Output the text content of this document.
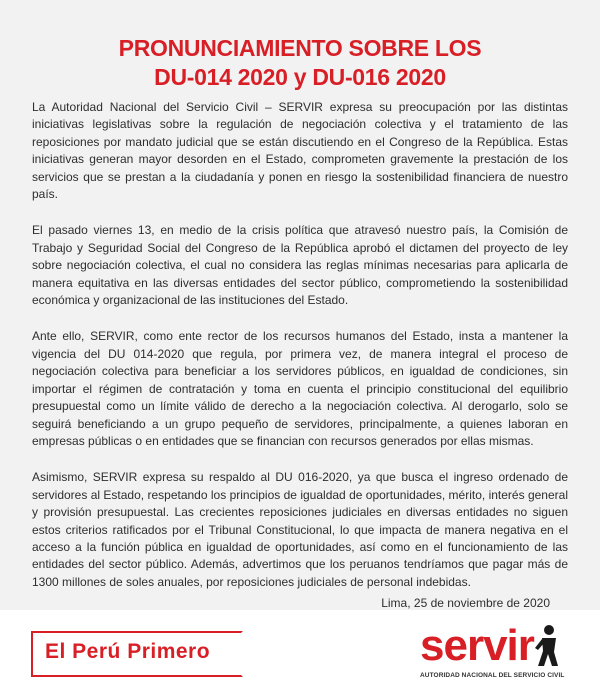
PRONUNCIAMIENTO SOBRE LOS
DU-014 2020 y DU-016 2020

La Autoridad Nacional del Servicio Civil – SERVIR expresa su preocupación por las distintas iniciativas legislativas sobre la regulación de negociación colectiva y el tratamiento de las reposiciones por mandato judicial que se están discutiendo en el Congreso de la República. Estas iniciativas generan mayor desorden en el Estado, comprometen gravemente la prestación de los servicios que se prestan a la ciudadanía y ponen en riesgo la sostenibilidad financiera de nuestro país.

El pasado viernes 13, en medio de la crisis política que atravesó nuestro país, la Comisión de Trabajo y Seguridad Social del Congreso de la República aprobó el dictamen del proyecto de ley sobre negociación colectiva, el cual no considera las reglas mínimas necesarias para aplicarla de manera equitativa en las diversas entidades del sector público, comprometiendo la sostenibilidad económica y organizacional de las instituciones del Estado.

Ante ello, SERVIR, como ente rector de los recursos humanos del Estado, insta a mantener la vigencia del DU 014-2020 que regula, por primera vez, de manera integral el proceso de negociación colectiva para beneficiar a los servidores públicos, en igualdad de condiciones, sin importar el régimen de contratación y toma en cuenta el principio constitucional del equilibrio presupuestal como un límite válido de derecho a la negociación colectiva. Al derogarlo, solo se seguirá beneficiando a un grupo pequeño de servidores, principalmente, a quienes laboran en empresas públicas o en entidades que se financian con recursos generados por ellas mismas.

Asimismo, SERVIR expresa su respaldo al DU 016-2020, ya que busca el ingreso ordenado de servidores al Estado, respetando los principios de igualdad de oportunidades, mérito, interés general y provisión presupuestal. Las crecientes reposiciones judiciales en diversas entidades no siguen estos criterios ratificados por el Tribunal Constitucional, lo que impacta de manera negativa en el acceso a la función pública en igualdad de oportunidades, así como en el funcionamiento de las entidades del sector público. Además, advertimos que los peruanos tendríamos que pagar más de 1300 millones de soles anuales, por reposiciones judiciales de personal indebidas.

Lima, 25 de noviembre de 2020
El Perú Primero	servir
AUTORIDAD NACIONAL DEL SERVICIO CIVIL
